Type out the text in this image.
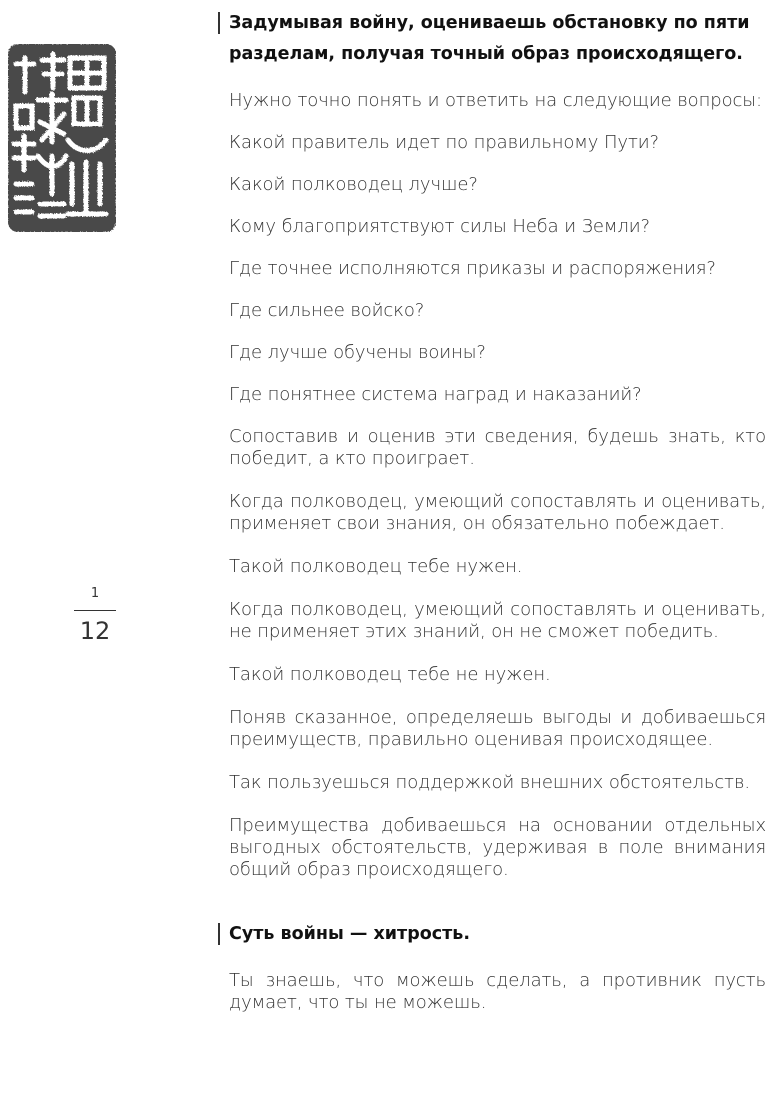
1
12

Задумывая войну, оцениваешь обстановку по пяти разделам, получая точный образ происходящего.

Нужно точно понять и ответить на следующие вопросы:

Какой правитель идет по правильному Пути?

Какой полководец лучше?

Кому благоприятствуют силы Неба и Земли?

Где точнее исполняются приказы и распоряжения?

Где сильнее войско?

Где лучше обучены воины?

Где понятнее система наград и наказаний?

Сопоставив и оценив эти сведения, будешь знать, кто победит, а кто проиграет.

Когда полководец, умеющий сопоставлять и оценивать, применяет свои знания, он обязательно побеждает.

Такой полководец тебе нужен.

Когда полководец, умеющий сопоставлять и оценивать, не применяет этих знаний, он не сможет победить.

Такой полководец тебе не нужен.

Поняв сказанное, определяешь выгоды и добиваешься преимуществ, правильно оценивая происходящее.

Так пользуешься поддержкой внешних обстоятельств.

Преимущества добиваешься на основании отдельных выгодных обстоятельств, удерживая в поле внимания общий образ происходящего.

Суть войны — хитрость.

Ты знаешь, что можешь сделать, а противник пусть думает, что ты не можешь.
